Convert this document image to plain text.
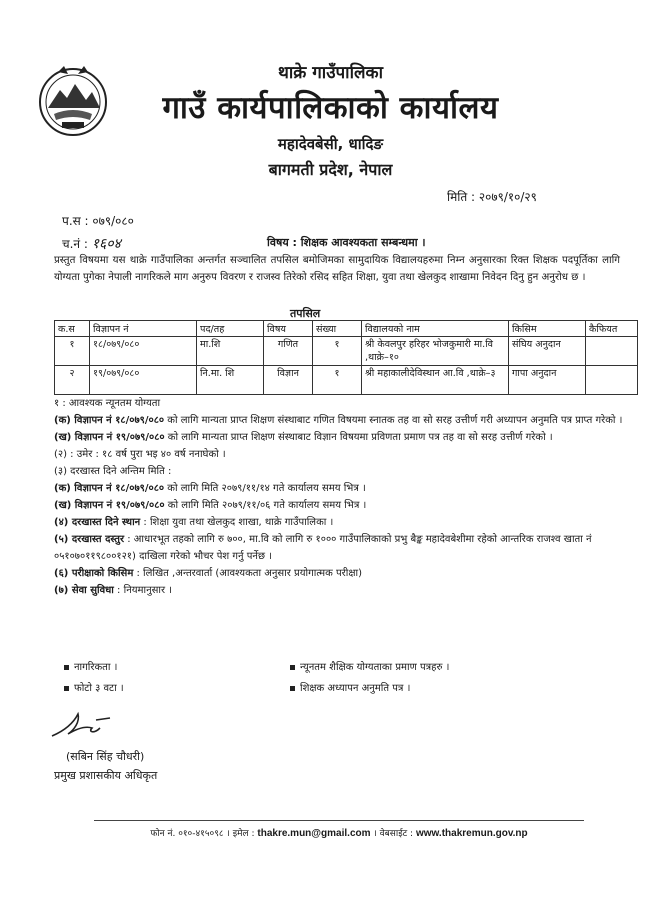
थाक्रे गाउँपालिका
गाउँ कार्यपालिकाको कार्यालय
महादेवबेसी, धादिङ
बागमती प्रदेश, नेपाल
मिति : २०७९/१०/२९
प.स : ०७९/०८०
च.नं : १६०४	विषय : शिक्षक आवश्यकता सम्बन्धमा ।
प्रस्तुत विषयमा यस थाक्रे गाउँपालिका अन्तर्गत सञ्चालित तपसिल बमोजिमका सामुदायिक विद्यालयहरुमा निम्न अनुसारका रिक्त शिक्षक पदपूर्तिका लागि योग्यता पुगेका नेपाली नागरिकले माग अनुरुप विवरण र राजस्व तिरेको रसिद सहित शिक्षा, युवा तथा खेलकुद शाखामा निवेदन दिनु हुन अनुरोध छ ।
तपसिल
क.स	विज्ञापन नं	पद/तह	विषय	संख्या	विद्यालयको नाम	किसिम	कैफियत
१	१८/०७९/०८०	मा.शि	गणित	१	श्री केवलपुर हरिहर भोजकुमारी मा.वि ,थाक्रे–१०	संघिय अनुदान	
२	१९/०७९/०८०	नि.मा. शि	विज्ञान	१	श्री महाकालीदेविस्थान आ.वि ,थाक्रे–३	गापा अनुदान	
१ : आवश्यक न्यूनतम योग्यता
(क) विज्ञापन नं १८/०७९/०८० को लागि मान्यता प्राप्त शिक्षण संस्थाबाट गणित विषयमा स्नातक तह वा सो सरह उत्तीर्ण गरी अध्यापन अनुमति पत्र प्राप्त गरेको ।
(ख) विज्ञापन नं १९/०७९/०८० को लागि मान्यता प्राप्त शिक्षण संस्थाबाट विज्ञान विषयमा प्रविणता प्रमाण पत्र तह वा सो सरह उत्तीर्ण गरेको ।
(२) : उमेर : १८ वर्ष पुरा भइ ४० वर्ष ननाघेको ।
(३) दरखास्त दिने अन्तिम मिति :
(क) विज्ञापन नं १८/०७९/०८० को लागि मिति २०७९/११/१४ गते कार्यालय समय भित्र ।
(ख) विज्ञापन नं १९/०७९/०८० को लागि मिति २०७९/११/०६ गते कार्यालय समय भित्र ।
(४) दरखास्त दिने स्थान : शिक्षा युवा तथा खेलकुद शाखा, थाक्रे गाउँपालिका ।
(५) दरखास्त दस्तुर : आधारभूत तहको लागि रु ७००, मा.वि को लागि रु १००० गाउँपालिकाको प्रभु बैङ्क महादेवबेशीमा रहेको आन्तरिक राजश्व खाता नं ०५१०७०११९८००१२१) दाखिला गरेको भौचर पेश गर्नु पर्नेछ ।
(६) परीक्षाको किसिम : लिखित ,अन्तरवार्ता (आवश्यकता अनुसार प्रयोगात्मक परीक्षा)
(७) सेवा सुविधा : नियमानुसार ।
नागरिकता ।
फोटो ३ वटा ।
न्यूनतम शैक्षिक योग्यताका प्रमाण पत्रहरु ।
शिक्षक अध्यापन अनुमति पत्र ।
(सबिन सिंह चौधरी)
प्रमुख प्रशासकीय अधिकृत
फोन नं. ०१०-४१५०९८ । इमेल : thakre.mun@gmail.com । वेबसाईट : www.thakremun.gov.np
